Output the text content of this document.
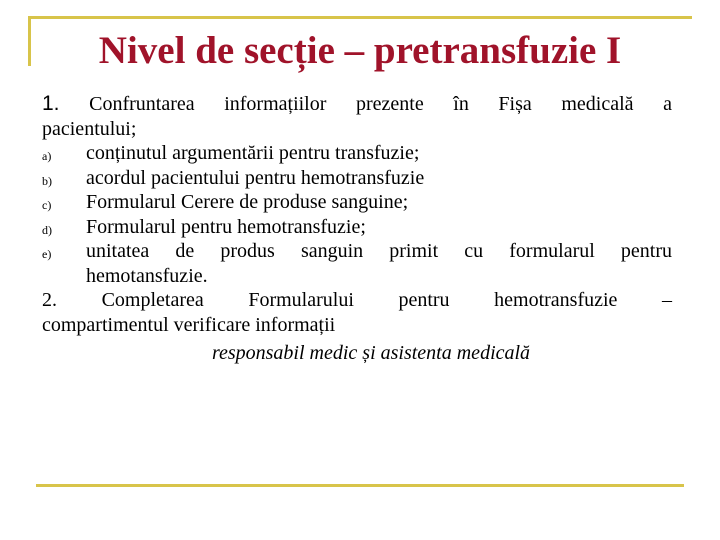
Nivel de secție – pretransfuzie I
1. Confruntarea informațiilor prezente în Fișa medicală a
pacientului;
a) conținutul argumentării pentru transfuzie;
b) acordul pacientului pentru hemotransfuzie
c) Formularul Cerere de produse sanguine;
d) Formularul pentru hemotransfuzie;
e) unitatea de produs sanguin primit cu formularul pentru
hemotansfuzie.
2. Completarea Formularului pentru hemotransfuzie –
compartimentul verificare informații
responsabil medic și asistenta medicală
